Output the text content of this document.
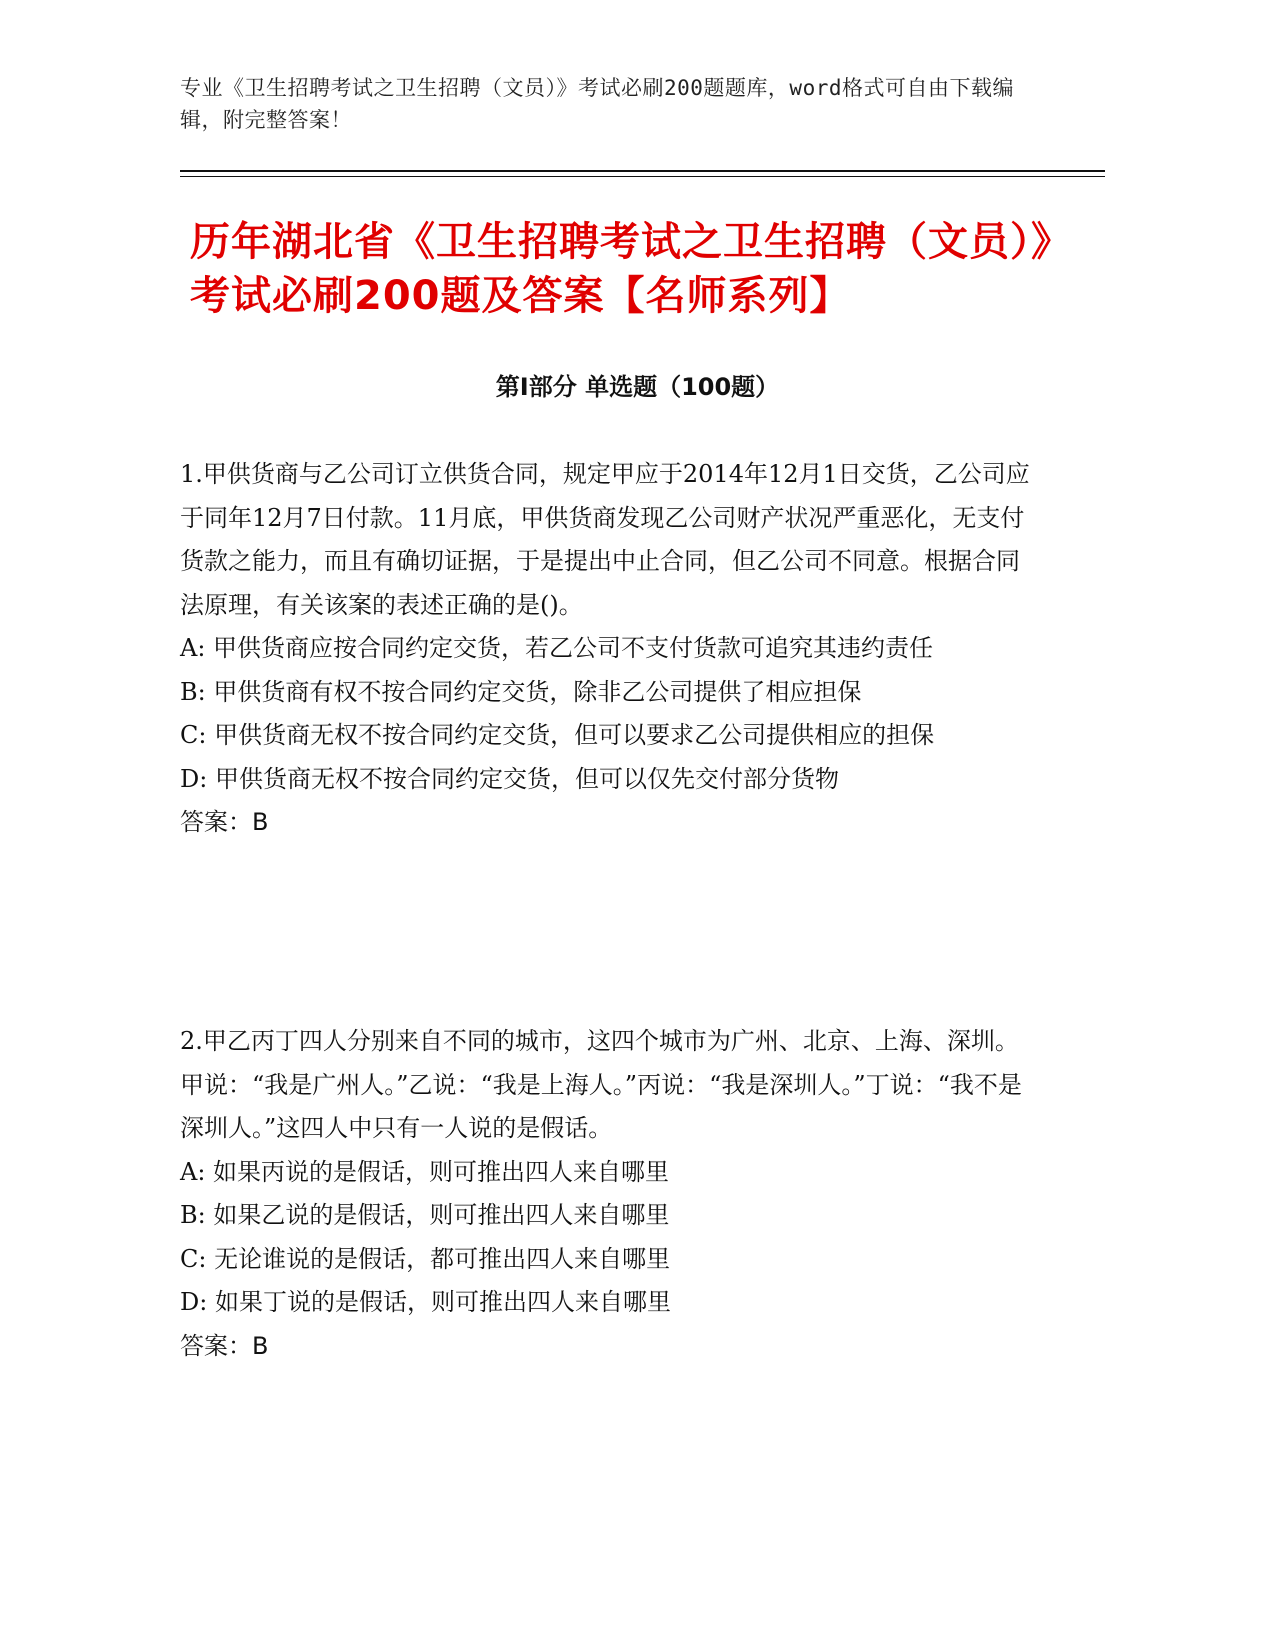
专业《卫生招聘考试之卫生招聘（文员）》考试必刷200题题库，word格式可自由下载编辑，附完整答案！
历年湖北省《卫生招聘考试之卫生招聘（文员）》考试必刷200题及答案【名师系列】
第Ⅰ部分 单选题（100题）

1.甲供货商与乙公司订立供货合同，规定甲应于2014年12月1日交货，乙公司应于同年12月7日付款。11月底，甲供货商发现乙公司财产状况严重恶化，无支付货款之能力，而且有确切证据，于是提出中止合同，但乙公司不同意。根据合同法原理，有关该案的表述正确的是()。

A: 甲供货商应按合同约定交货，若乙公司不支付货款可追究其违约责任

B: 甲供货商有权不按合同约定交货，除非乙公司提供了相应担保

C: 甲供货商无权不按合同约定交货，但可以要求乙公司提供相应的担保

D: 甲供货商无权不按合同约定交货，但可以仅先交付部分货物

答案：B

2.甲乙丙丁四人分别来自不同的城市，这四个城市为广州、北京、上海、深圳。甲说：“我是广州人。”乙说：“我是上海人。”丙说：“我是深圳人。”丁说：“我不是深圳人。”这四人中只有一人说的是假话。

A: 如果丙说的是假话，则可推出四人来自哪里

B: 如果乙说的是假话，则可推出四人来自哪里

C: 无论谁说的是假话，都可推出四人来自哪里

D: 如果丁说的是假话，则可推出四人来自哪里

答案：B
